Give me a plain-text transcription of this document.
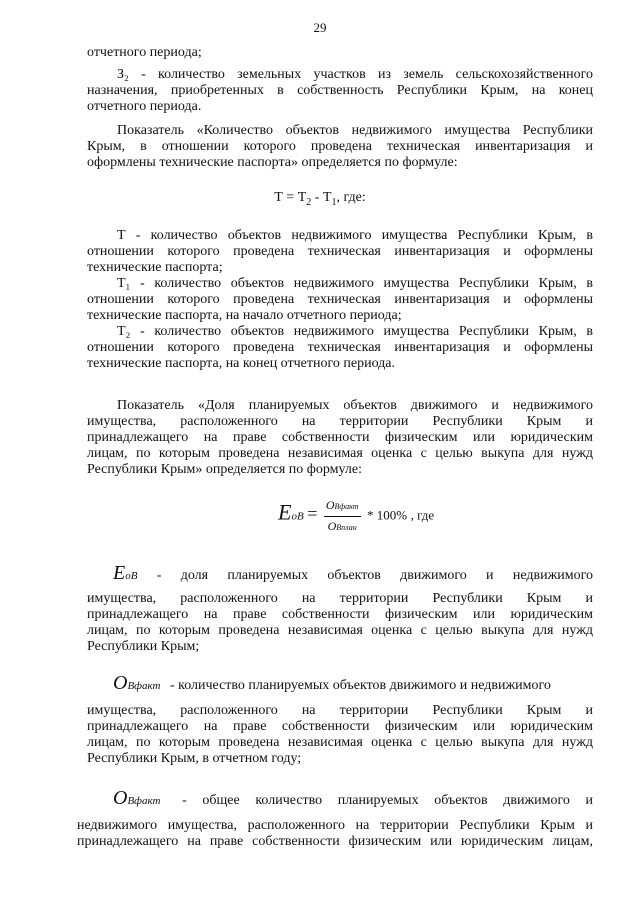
29
отчетного периода;
З₂ - количество земельных участков из земель сельскохозяйственного
назначения, приобретенных в собственность Республики Крым, на конец
отчетного периода.
Показатель «Количество объектов недвижимого имущества Республики
Крым, в отношении которого проведена техническая инвентаризация и
оформлены технические паспорта» определяется по формуле:
$Т = Т_2 - Т_1$, где:
Т - количество объектов недвижимого имущества Республики Крым, в
отношении которого проведена техническая инвентаризация и оформлены
технические паспорта;
Т₁ - количество объектов недвижимого имущества Республики Крым, в
отношении которого проведена техническая инвентаризация и оформлены
технические паспорта, на начало отчетного периода;
Т₂ - количество объектов недвижимого имущества Республики Крым, в
отношении которого проведена техническая инвентаризация и оформлены
технические паспорта, на конец отчетного периода.
Показатель «Доля планируемых объектов движимого и недвижимого
имущества, расположенного на территории Республики Крым и
принадлежащего на праве собственности физическим или юридическим
лицам, по которым проведена независимая оценка с целью выкупа для нужд
Республики Крым» определяется по формуле:
EoB = $\frac{\text{OBфакт}}{\text{OBплан}} * 100\%$ , где
EoB - доля планируемых объектов движимого и недвижимого
имущества, расположенного на территории Республики Крым и
принадлежащего на праве собственности физическим или юридическим
лицам, по которым проведена независимая оценка с целью выкупа для нужд
Республики Крым;
OBфакт - количество планируемых объектов движимого и недвижимого
имущества, расположенного на территории Республики Крым и
принадлежащего на праве собственности физическим или юридическим
лицам, по которым проведена независимая оценка с целью выкупа для нужд
Республики Крым, в отчетном году;
OBфакт - общее количество планируемых объектов движимого и
недвижимого имущества, расположенного на территории Республики Крым и
принадлежащего на праве собственности физическим или юридическим лицам,
